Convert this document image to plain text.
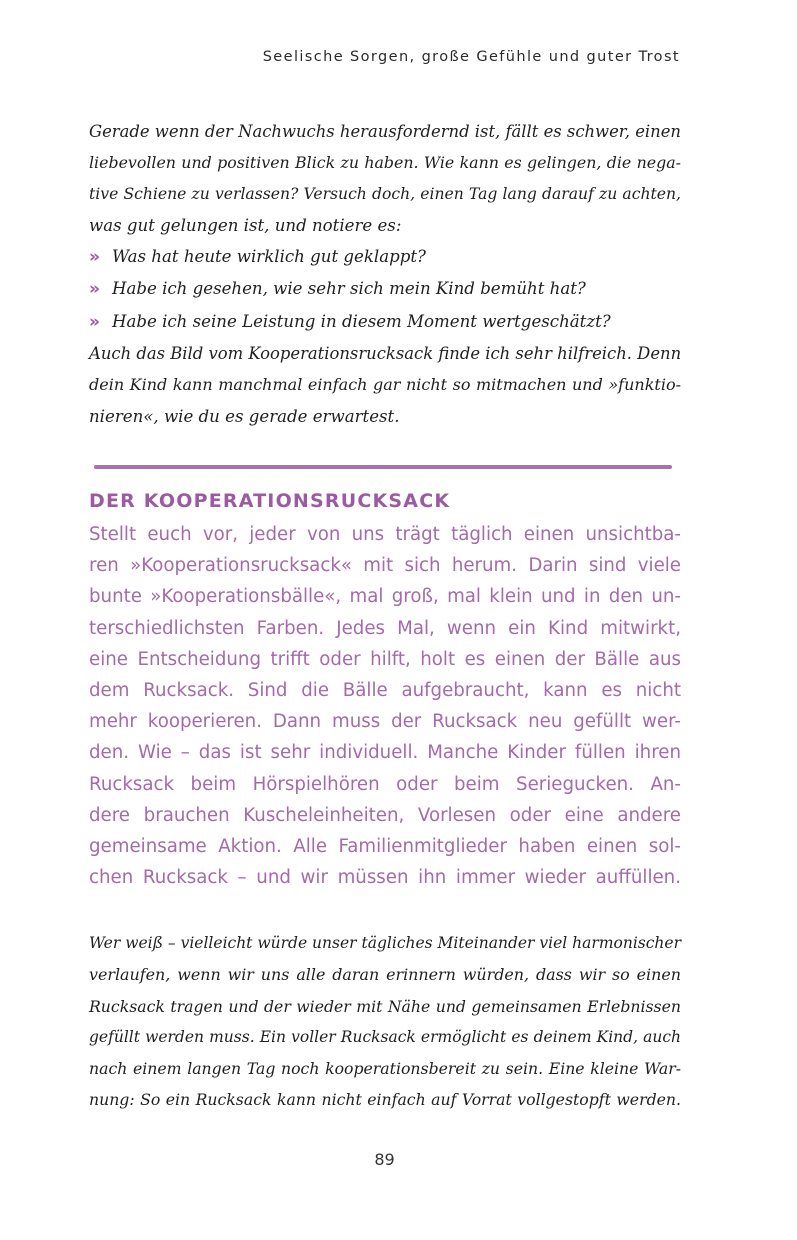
Seelische Sorgen, große Gefühle und guter Trost

Gerade wenn der Nachwuchs herausfordernd ist, fällt es schwer, einen
liebevollen und positiven Blick zu haben. Wie kann es gelingen, die nega-
tive Schiene zu verlassen? Versuch doch, einen Tag lang darauf zu achten,
was gut gelungen ist, und notiere es:

» Was hat heute wirklich gut geklappt?
» Habe ich gesehen, wie sehr sich mein Kind bemüht hat?
» Habe ich seine Leistung in diesem Moment wertgeschätzt?

Auch das Bild vom Kooperationsrucksack finde ich sehr hilfreich. Denn
dein Kind kann manchmal einfach gar nicht so mitmachen und »funktio-
nieren«, wie du es gerade erwartest.

DER KOOPERATIONSRUCKSACK
Stellt euch vor, jeder von uns trägt täglich einen unsichtba-
ren »Kooperationsrucksack« mit sich herum. Darin sind viele
bunte »Kooperationsbälle«, mal groß, mal klein und in den un-
terschiedlichsten Farben. Jedes Mal, wenn ein Kind mitwirkt,
eine Entscheidung trifft oder hilft, holt es einen der Bälle aus
dem Rucksack. Sind die Bälle aufgebraucht, kann es nicht
mehr kooperieren. Dann muss der Rucksack neu gefüllt wer-
den. Wie – das ist sehr individuell. Manche Kinder füllen ihren
Rucksack beim Hörspielhören oder beim Seriegucken. An-
dere brauchen Kuscheleinheiten, Vorlesen oder eine andere
gemeinsame Aktion. Alle Familienmitglieder haben einen sol-
chen Rucksack – und wir müssen ihn immer wieder auffüllen.

Wer weiß – vielleicht würde unser tägliches Miteinander viel harmonischer
verlaufen, wenn wir uns alle daran erinnern würden, dass wir so einen
Rucksack tragen und der wieder mit Nähe und gemeinsamen Erlebnissen
gefüllt werden muss. Ein voller Rucksack ermöglicht es deinem Kind, auch
nach einem langen Tag noch kooperationsbereit zu sein. Eine kleine War-
nung: So ein Rucksack kann nicht einfach auf Vorrat vollgestopft werden.

89
